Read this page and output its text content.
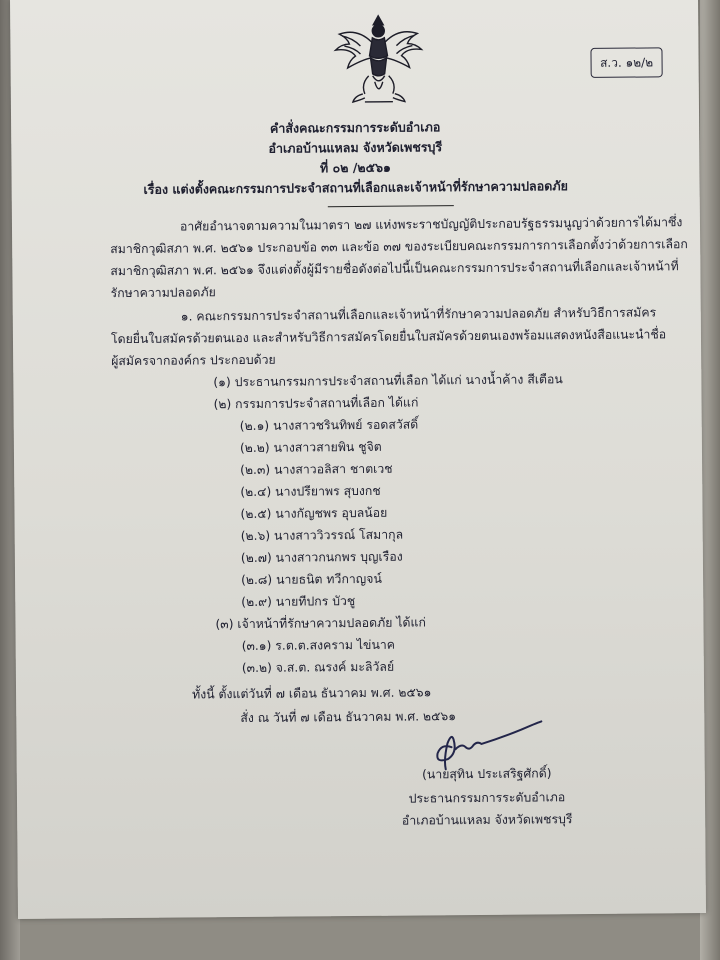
ส.ว. ๑๒/๒
คำสั่งคณะกรรมการระดับอำเภอ
อำเภอบ้านแหลม จังหวัดเพชรบุรี
ที่ ๐๒ /๒๕๖๑
เรื่อง แต่งตั้งคณะกรรมการประจำสถานที่เลือกและเจ้าหน้าที่รักษาความปลอดภัย
อาศัยอำนาจตามความในมาตรา ๒๗ แห่งพระราชบัญญัติประกอบรัฐธรรมนูญว่าด้วยการได้มาซึ่ง
สมาชิกวุฒิสภา พ.ศ. ๒๕๖๑ ประกอบข้อ ๓๓ และข้อ ๓๗ ของระเบียบคณะกรรมการการเลือกตั้งว่าด้วยการเลือก
สมาชิกวุฒิสภา พ.ศ. ๒๕๖๑ จึงแต่งตั้งผู้มีรายชื่อดังต่อไปนี้เป็นคณะกรรมการประจำสถานที่เลือกและเจ้าหน้าที่
รักษาความปลอดภัย
๑. คณะกรรมการประจำสถานที่เลือกและเจ้าหน้าที่รักษาความปลอดภัย สำหรับวิธีการสมัคร
โดยยื่นใบสมัครด้วยตนเอง และสำหรับวิธีการสมัครโดยยื่นใบสมัครด้วยตนเองพร้อมแสดงหนังสือแนะนำชื่อ
ผู้สมัครจากองค์กร ประกอบด้วย
(๑) ประธานกรรมการประจำสถานที่เลือก ได้แก่ นางน้ำค้าง สีเตือน
(๒) กรรมการประจำสถานที่เลือก ได้แก่
(๒.๑) นางสาวชรินทิพย์ รอดสวัสดิ์
(๒.๒) นางสาวสายพิน ชูจิต
(๒.๓) นางสาวอลิสา ชาตเวช
(๒.๔) นางปรียาพร สุบงกช
(๒.๕) นางกัญชพร อุบลน้อย
(๒.๖) นางสาววิวรรณ์ โสมากุล
(๒.๗) นางสาวกนกพร บุญเรือง
(๒.๘) นายธนิต ทวีกาญจน์
(๒.๙) นายทีปกร บัวชู
(๓) เจ้าหน้าที่รักษาความปลอดภัย ได้แก่
(๓.๑) ร.ต.ต.สงคราม ไข่นาค
(๓.๒) จ.ส.ต. ณรงค์ มะลิวัลย์
ทั้งนี้ ตั้งแต่วันที่ ๗ เดือน ธันวาคม พ.ศ. ๒๕๖๑
สั่ง ณ วันที่ ๗ เดือน ธันวาคม พ.ศ. ๒๕๖๑
(นายสุทิน ประเสริฐศักดิ์)
ประธานกรรมการระดับอำเภอ
อำเภอบ้านแหลม จังหวัดเพชรบุรี
